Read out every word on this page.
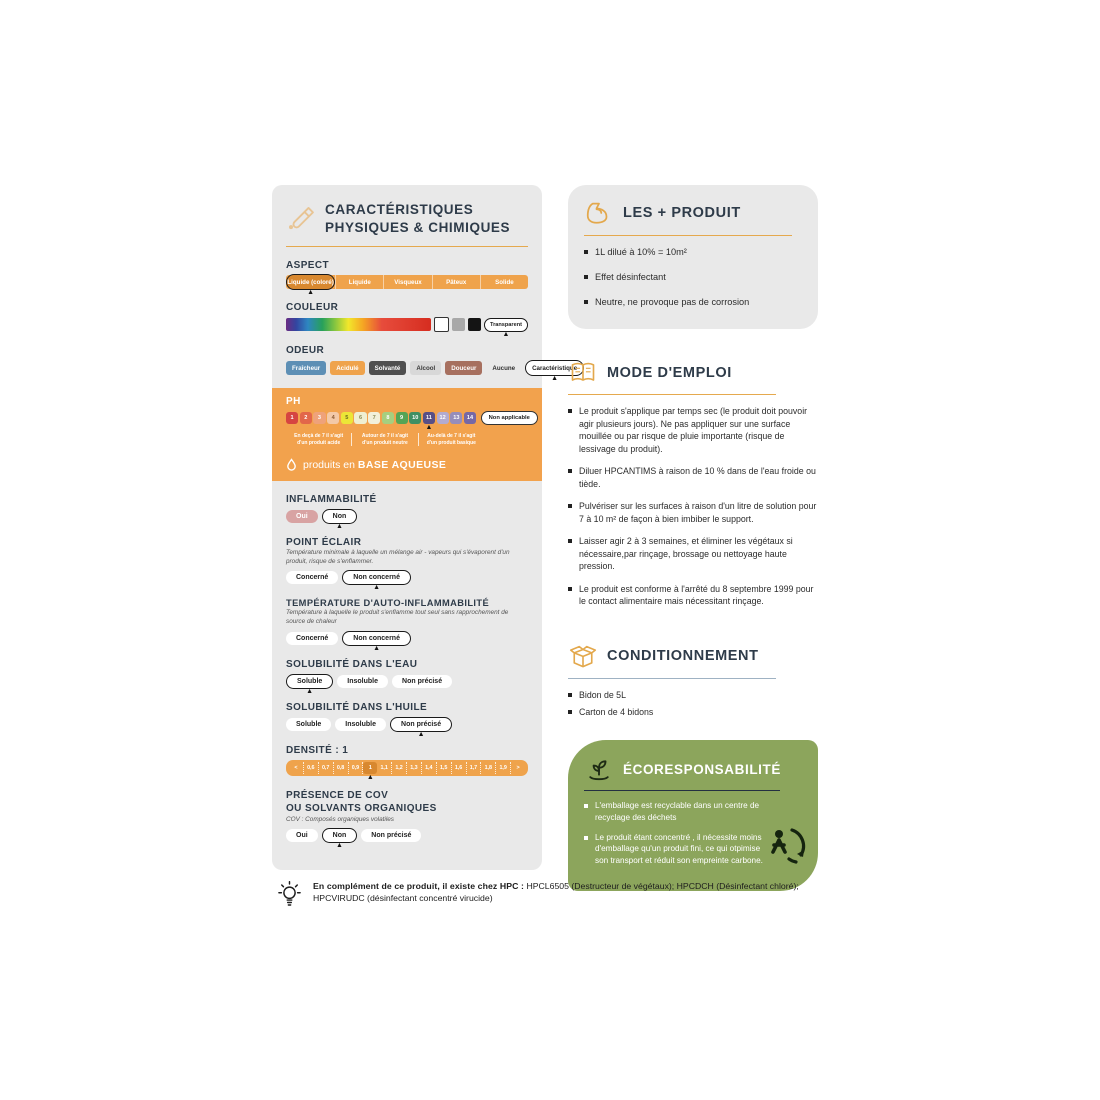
CARACTÉRISTIQUES
PHYSIQUES & CHIMIQUES
ASPECT
Liquide (coloré) ▲	Liquide	Visqueux	Pâteux	Solide
COULEUR
Transparent ▲
ODEUR
Fraîcheur	Acidulé	Solvanté	Alcool	Douceur	Aucune	Caractéristique ▲
PH
1	2	3	4	5	6	7	8	9	10	11 ▲	12	13	14	Non applicable
En deçà de 7 il s'agit d'un produit acide
Autour de 7 il s'agit d'un produit neutre
Au-delà de 7 il s'agit d'un produit basique
produits en BASE AQUEUSE
INFLAMMABILITÉ
Oui	Non ▲
POINT ÉCLAIR
Température minimale à laquelle un mélange air - vapeurs qui s'évaporent d'un produit, risque de s'enflammer.
Concerné	Non concerné ▲
TEMPÉRATURE D'AUTO-INFLAMMABILITÉ
Température à laquelle le produit s'enflamme tout seul sans rapprochement de source de chaleur
Concerné	Non concerné ▲
SOLUBILITÉ DANS L'EAU
Soluble ▲	Insoluble	Non précisé
SOLUBILITÉ DANS L'HUILE
Soluble	Insoluble	Non précisé ▲
DENSITÉ : 1
<	0,6	0,7	0,8	0,9	1 ▲	1,1	1,2	1,3	1,4	1,5	1,6	1,7	1,8	1,9	>
PRÉSENCE DE COV
OU SOLVANTS ORGANIQUES
COV : Composés organiques volatiles
Oui	Non ▲	Non précisé
LES + PRODUIT
1L dilué à 10% = 10m²
Effet désinfectant
Neutre, ne provoque pas de corrosion
MODE D'EMPLOI
Le produit s'applique par temps sec (le produit doit pouvoir agir plusieurs jours). Ne pas appliquer sur une surface mouillée ou par risque de pluie importante (risque de lessivage du produit).
Diluer HPCANTIMS à raison de 10 % dans de l'eau froide ou tiède.
Pulvériser sur les surfaces à raison d'un litre de solution pour 7 à 10 m² de façon à bien imbiber le support.
Laisser agir 2 à 3 semaines, et éliminer les végétaux si nécessaire,par rinçage, brossage ou nettoyage haute pression.
Le produit est conforme à l'arrêté du 8 septembre 1999 pour le contact alimentaire mais nécessitant rinçage.
CONDITIONNEMENT
Bidon de 5L
Carton de 4 bidons
ÉCORESPONSABILITÉ
L'emballage est recyclable dans un centre de recyclage des déchets
Le produit étant concentré , il nécessite moins d'emballage qu'un produit fini, ce qui otpimise son transport et réduit son empreinte carbone.
En complément de ce produit, il existe chez HPC : HPCL6505 (Destructeur de végétaux); HPCDCH (Désinfectant chloré); HPCVIRUDC (désinfectant concentré virucide)
